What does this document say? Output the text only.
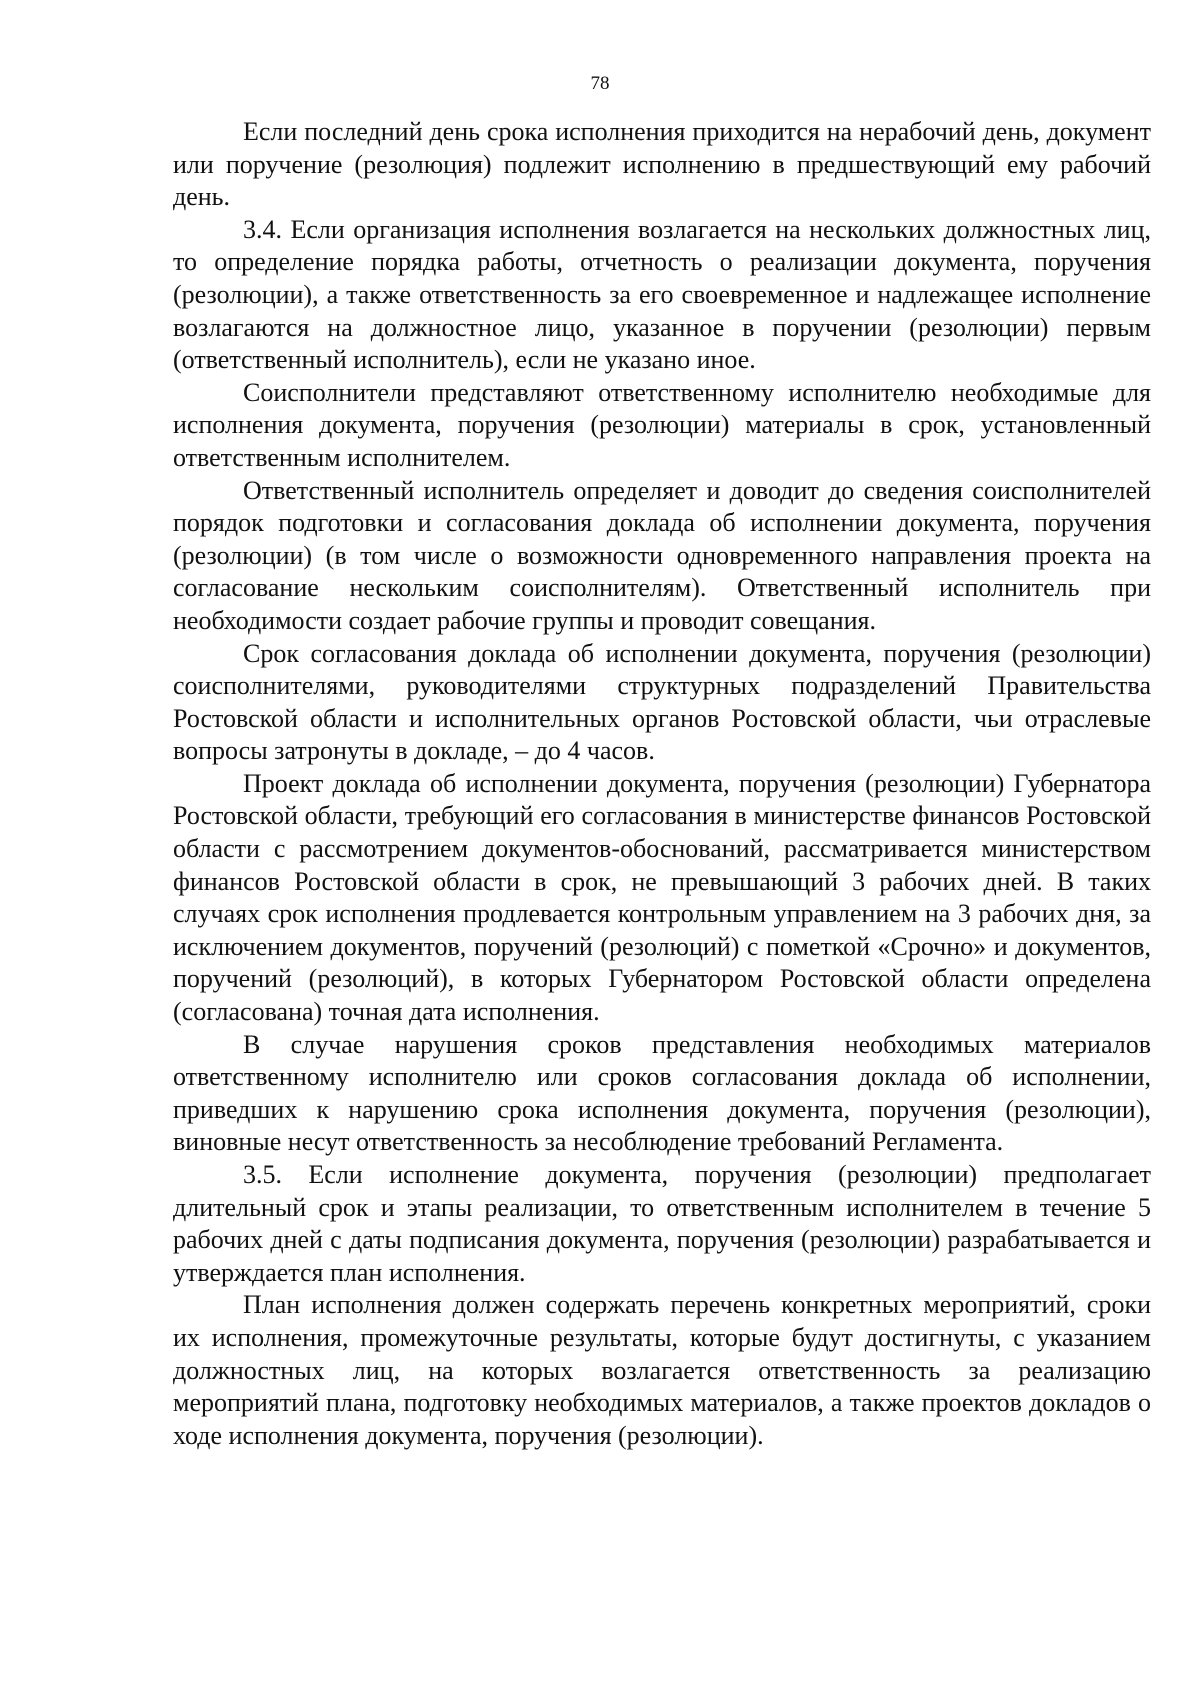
78

Если последний день срока исполнения приходится на нерабочий день, документ или поручение (резолюция) подлежит исполнению в предшествующий ему рабочий день.

3.4. Если организация исполнения возлагается на нескольких должностных лиц, то определение порядка работы, отчетность о реализации документа, поручения (резолюции), а также ответственность за его своевременное и надлежащее исполнение возлагаются на должностное лицо, указанное в поручении (резолюции) первым (ответственный исполнитель), если не указано иное.

Соисполнители представляют ответственному исполнителю необходимые для исполнения документа, поручения (резолюции) материалы в срок, установленный ответственным исполнителем.

Ответственный исполнитель определяет и доводит до сведения соисполнителей порядок подготовки и согласования доклада об исполнении документа, поручения (резолюции) (в том числе о возможности одновременного направления проекта на согласование нескольким соисполнителям). Ответственный исполнитель при необходимости создает рабочие группы и проводит совещания.

Срок согласования доклада об исполнении документа, поручения (резолюции) соисполнителями, руководителями структурных подразделений Правительства Ростовской области и исполнительных органов Ростовской области, чьи отраслевые вопросы затронуты в докладе, – до 4 часов.

Проект доклада об исполнении документа, поручения (резолюции) Губернатора Ростовской области, требующий его согласования в министерстве финансов Ростовской области с рассмотрением документов-обоснований, рассматривается министерством финансов Ростовской области в срок, не превышающий 3 рабочих дней. В таких случаях срок исполнения продлевается контрольным управлением на 3 рабочих дня, за исключением документов, поручений (резолюций) с пометкой «Срочно» и документов, поручений (резолюций), в которых Губернатором Ростовской области определена (согласована) точная дата исполнения.

В случае нарушения сроков представления необходимых материалов ответственному исполнителю или сроков согласования доклада об исполнении, приведших к нарушению срока исполнения документа, поручения (резолюции), виновные несут ответственность за несоблюдение требований Регламента.

3.5. Если исполнение документа, поручения (резолюции) предполагает длительный срок и этапы реализации, то ответственным исполнителем в течение 5 рабочих дней с даты подписания документа, поручения (резолюции) разрабатывается и утверждается план исполнения.

План исполнения должен содержать перечень конкретных мероприятий, сроки их исполнения, промежуточные результаты, которые будут достигнуты, с указанием должностных лиц, на которых возлагается ответственность за реализацию мероприятий плана, подготовку необходимых материалов, а также проектов докладов о ходе исполнения документа, поручения (резолюции).
